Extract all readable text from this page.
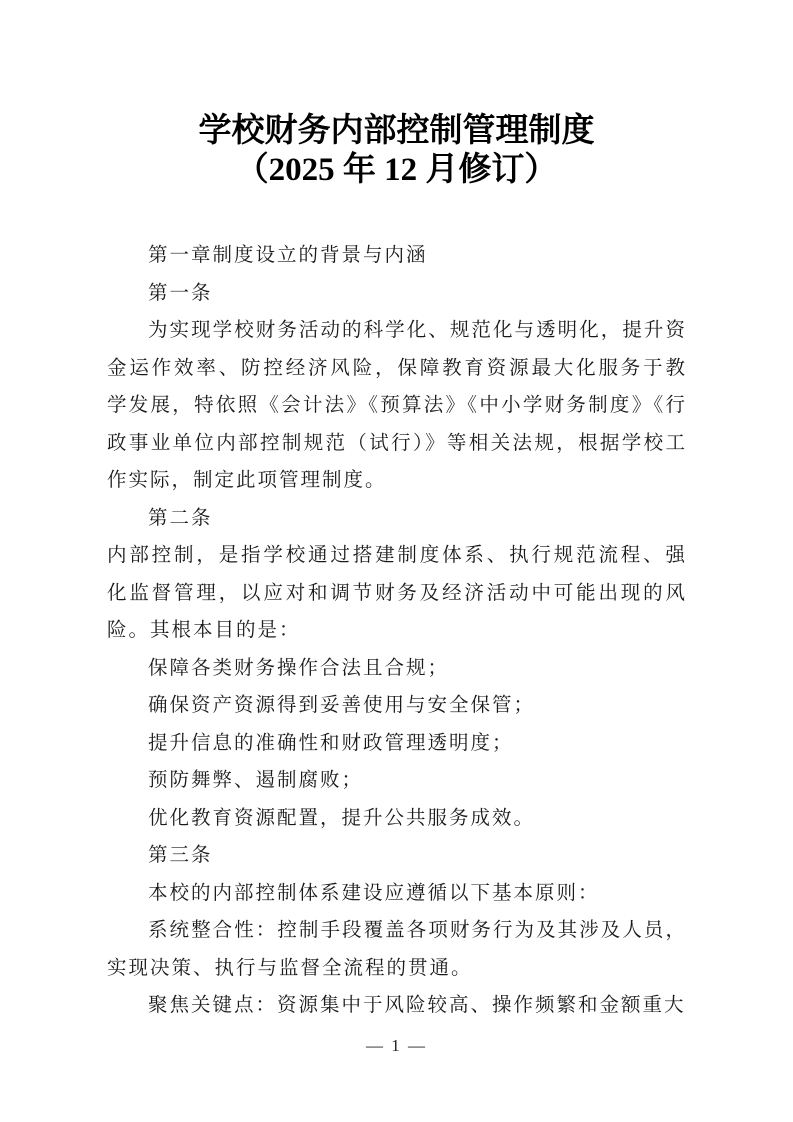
学校财务内部控制管理制度

（2025 年 12 月修订）

第一章制度设立的背景与内涵

第一条

为实现学校财务活动的科学化、规范化与透明化，提升资金运作效率、防控经济风险，保障教育资源最大化服务于教学发展，特依照《会计法》《预算法》《中小学财务制度》《行政事业单位内部控制规范（试行）》等相关法规，根据学校工作实际，制定此项管理制度。

第二条

内部控制，是指学校通过搭建制度体系、执行规范流程、强化监督管理，以应对和调节财务及经济活动中可能出现的风险。其根本目的是：

保障各类财务操作合法且合规；

确保资产资源得到妥善使用与安全保管；

提升信息的准确性和财政管理透明度；

预防舞弊、遏制腐败；

优化教育资源配置，提升公共服务成效。

第三条

本校的内部控制体系建设应遵循以下基本原则：

系统整合性：控制手段覆盖各项财务行为及其涉及人员，实现决策、执行与监督全流程的贯通。

聚焦关键点：资源集中于风险较高、操作频繁和金额重大

— 1 —
